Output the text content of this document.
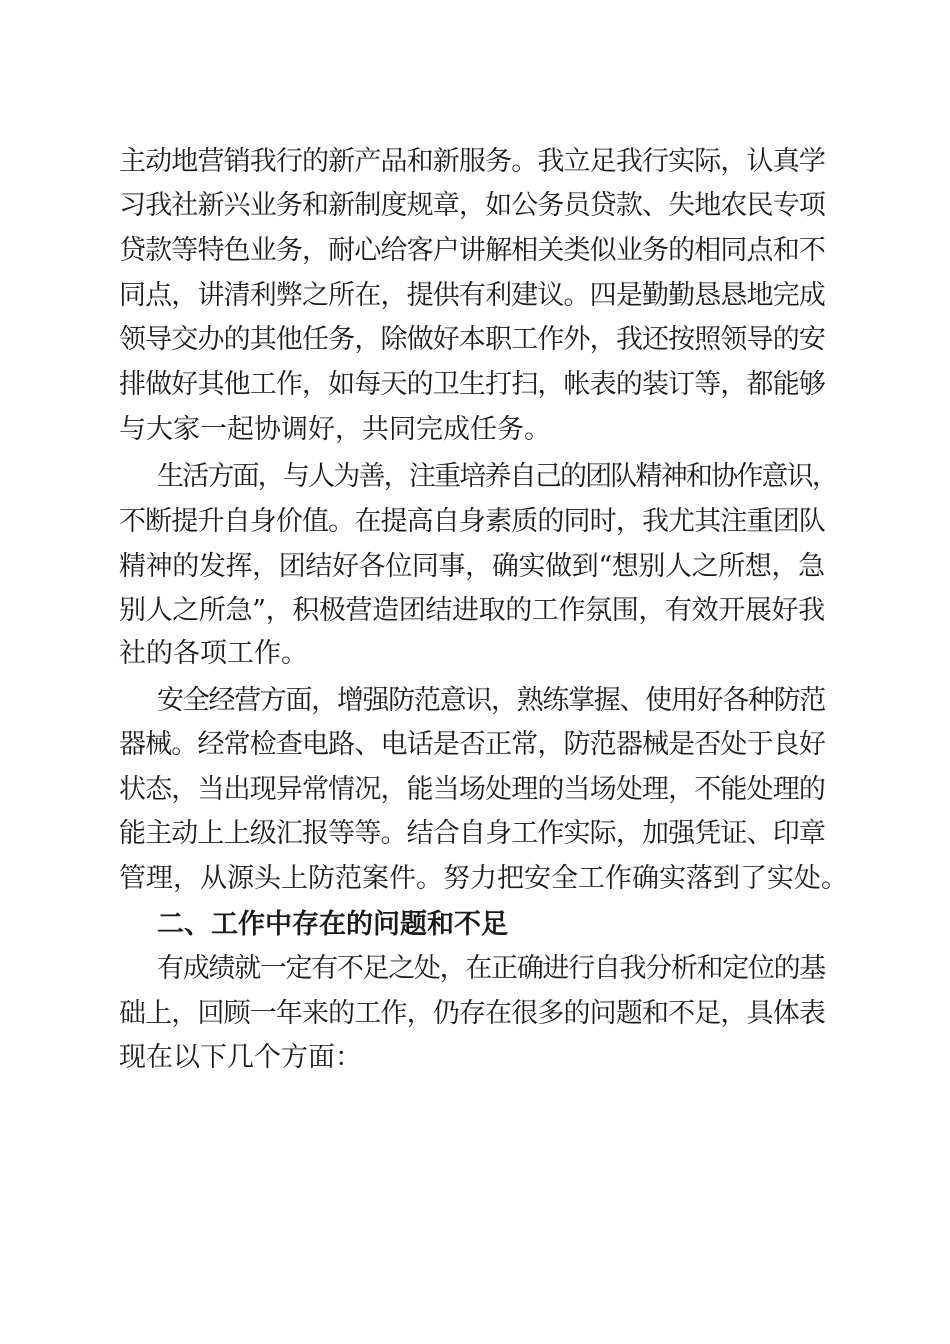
主动地营销我行的新产品和新服务。我立足我行实际，认真学
习我社新兴业务和新制度规章，如公务员贷款、失地农民专项
贷款等特色业务，耐心给客户讲解相关类似业务的相同点和不
同点，讲清利弊之所在，提供有利建议。四是勤勤恳恳地完成
领导交办的其他任务，除做好本职工作外，我还按照领导的安
排做好其他工作，如每天的卫生打扫，帐表的装订等，都能够
与大家一起协调好，共同完成任务。
生活方面，与人为善，注重培养自己的团队精神和协作意识，
不断提升自身价值。在提高自身素质的同时，我尤其注重团队
精神的发挥，团结好各位同事，确实做到“想别人之所想，急
别人之所急”，积极营造团结进取的工作氛围，有效开展好我
社的各项工作。
安全经营方面，增强防范意识，熟练掌握、使用好各种防范
器械。经常检查电路、电话是否正常，防范器械是否处于良好
状态，当出现异常情况，能当场处理的当场处理，不能处理的
能主动上上级汇报等等。结合自身工作实际，加强凭证、印章
管理，从源头上防范案件。努力把安全工作确实落到了实处。
二、工作中存在的问题和不足
有成绩就一定有不足之处，在正确进行自我分析和定位的基
础上，回顾一年来的工作，仍存在很多的问题和不足，具体表
现在以下几个方面：
